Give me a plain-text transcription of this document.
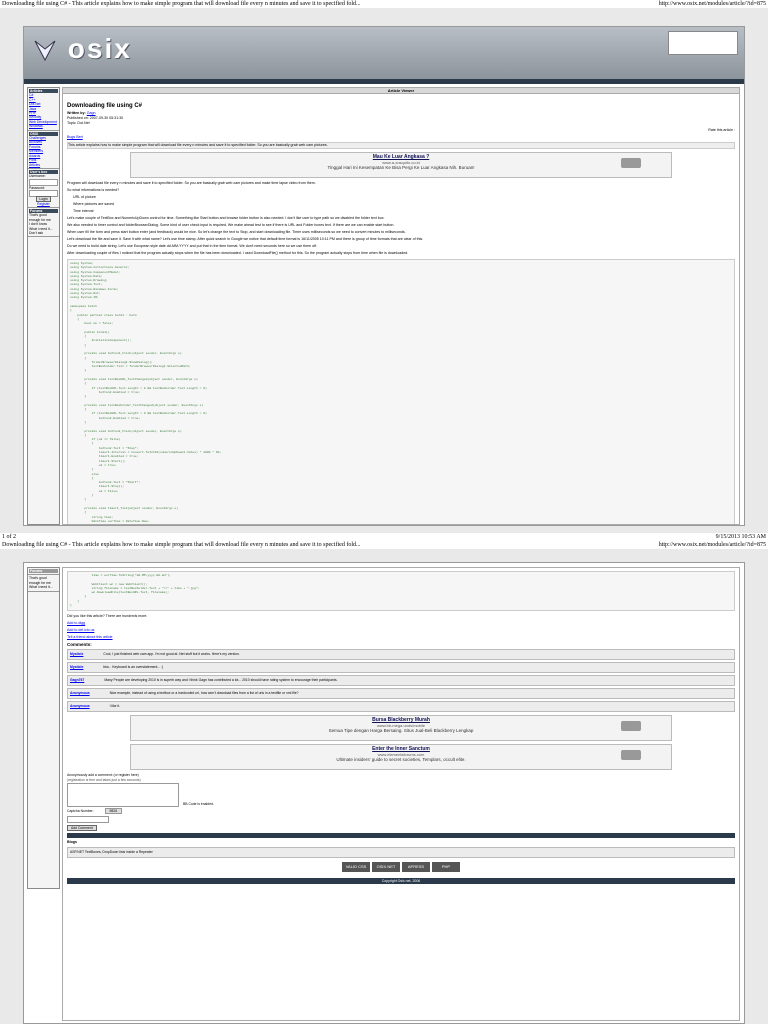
Downloading file using C# - This article explains how to make simple program that will download file every n minutes and save it to specified fold...	http://www.osix.net/modules/article/?id=875
osix
Articles
C#
C++
Dot.Net
Java
PHP
Security
Web Development
Windows
OSIX
Challenges
Archives
Forums
Members
Awards
Polls
Articles
User's box
Username:
Password:
Login
Register
Forums
That's good enough for me
I don't know
What i need it...
Don't ask
Article Viewer

Downloading file using C#

Written by: Gagn
Published on: 2007-09-30 05:31:30
Topic: Dot.Net

Rate this article :

Bugs Bert

This article explains how to make simple program that will download file every n minutes and save it to specified folder. So you are basically grab web cam pictures.

Mau Ke Luar Angkasa ?
www.a-xosquito.co.id
Tinggal Hari Ini Kesempatan Ke Bisa Pergi Ke Luar Angkasa Nih. Buruan!

Program will download file every n minutes and save it to specified folder. So you are basically grab web cam pictures and make time lapse video from them.

So what informations is needed?

URL of picture

Where pictures are saved

Time interval

Let's make couple of TextBox and NumericUpDown control for time. Something like Start button and browse folder button is also needed. I don't like user to type path so we disabled the folder text box.

We also needed to timer control and folderBrowserDialog. Some kind of user check input is required. We make ahead test to see if there is URL and Folder boxes text. If there are we can enable start button.

When user fill the form and press start button enter (and feedback) would be nice. So let's change the text to Stop, and start downloading file. Timer uses milliseconds so we need to convert minutes to milliseconds.

Let's download the file and save it. Save it with what name? Let's use time stamp. After quick search in Google we notice that default time format is 16/11/2005 10:11 PM and there is group of time formats that are clear of this.

Do we need to build date string. Let's use European style date dd-MM-YYYY and put that in the time format. We don't need seconds here so we use them off.

After downloading couple of files I noticed that the program actually stops when the file has been downloaded. I used DownloadFile() method for this. So the program actually stops from time when file is downloaded.

using System;
using System.Collections.Generic;
using System.ComponentModel;
using System.Data;
using System.Drawing;
using System.Text;
using System.Windows.Forms;
using System.Net;
using System.IO;

namespace Fetch
{
public partial class Form1 : Form
{
bool ok = false;

public Form1()
{
InitializeComponent();
}

private void button1_Click(object sender, EventArgs e)
{
folderBrowserDialog1.ShowDialog();
textBoxFolder.Text = folderBrowserDialog1.SelectedPath;
}

private void textBoxURL_TextChanged(object sender, EventArgs e)
{
if (textBoxURL.Text.Length > 0 && textBoxFolder.Text.Length > 0)
button2.Enabled = true;
}

private void textBoxFolder_TextChanged(object sender, EventArgs e)
{
if (textBoxURL.Text.Length > 0 && textBoxFolder.Text.Length > 0)
button2.Enabled = true;
}

private void button2_Click(object sender, EventArgs e)
{
if (ok == false)
{
button2.Text = "Stop";
timer1.Interval = Convert.ToInt32(numericUpDown1.Value) * 1000 * 60;
timer1.Enabled = true;
timer1.Start();
ok = true;
}
else
{
button2.Text = "Start";
timer1.Stop();
ok = false;
}
}

private void timer1_Tick(object sender, EventArgs e)
{
string time;
DateTime ourTime = DateTime.Now;
1 of 2	9/15/2013 10:53 AM
Downloading file using C# - This article explains how to make simple program that will download file every n minutes and save it to specified fold...	http://www.osix.net/modules/article/?id=875
Forums
That's good enough for me
What i need it...
time = ourTime.ToString("dd-MM-yyyy HH.mm");

WebClient wc = new WebClient();
string filename = textBoxFolder.Text + "\\" + time + ".jpg";
wc.DownloadFile(textBoxURL.Text, filename);
}
}
}

Did you like this article? There are hundreds more.

Add to digg

Add to del.icio.us

Tell a friend about this article

Comments:

Mysticle	Cool, I just finished web cam app. I'm not good at .Net stuff but it works. Here's my version.
Mysticle	btw... Keyboard is an overstatement... :)
Gagn767	Many People are developing 2010 is in superb way and I think Gagn has contributed a lot... 2010 should have rating system to encourage their participants.
Anonymous	Nice example, instead of using a textbox or a hardcoded url, how won't download files from a list of urls in a textfile or xml file?
Anonymous	I like it.
Bursa Blackberry Murah
www.bb-mega.unds/mobile
Semua Tipe dengan Harga Bersaing. Situs Jual-Beli Blackberry Lengkap
Enter the Inner Sanctum
www.elementsforums.com
Ultimate insiders' guide to secret societies, Templars, occult elite.
Anonymously add a comment: (or register here)
(registration is free and takes just a few seconds)
BB Code is enabled.
Captcha Number:	9826
Add Comment

Blogs

ASP.NET TextBoxes, DropDown lists inside a Repeater
VALID CSS	OSIX.NET	APRESS	PHP
Copyright Osix.net, 2006
